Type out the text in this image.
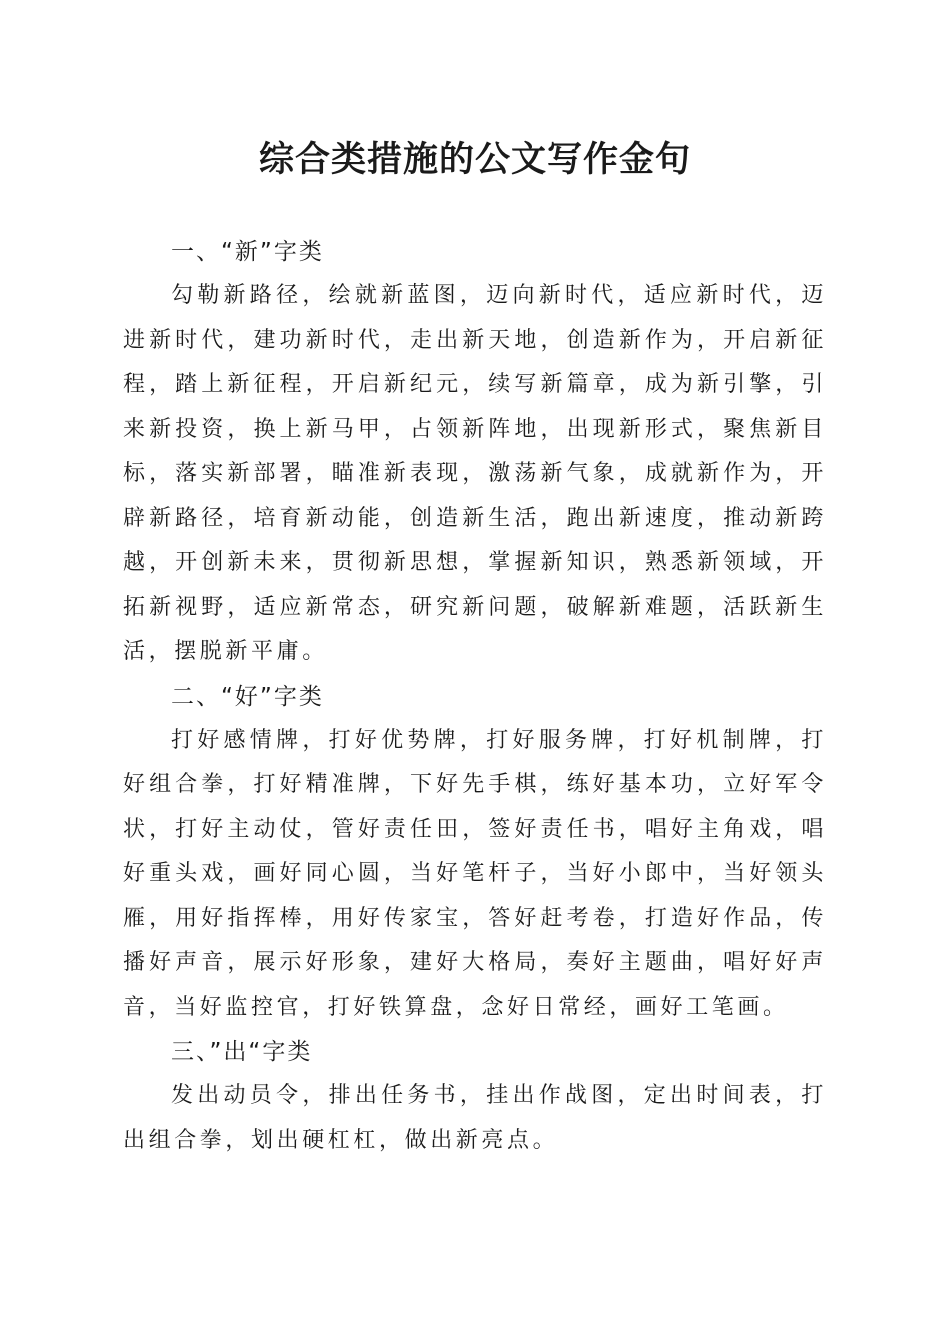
综合类措施的公文写作金句
一、“新”字类

勾勒新路径，绘就新蓝图，迈向新时代，适应新时代，迈进新时代，建功新时代，走出新天地，创造新作为，开启新征程，踏上新征程，开启新纪元，续写新篇章，成为新引擎，引来新投资，换上新马甲，占领新阵地，出现新形式，聚焦新目标，落实新部署，瞄准新表现，激荡新气象，成就新作为，开辟新路径，培育新动能，创造新生活，跑出新速度，推动新跨越，开创新未来，贯彻新思想，掌握新知识，熟悉新领域，开拓新视野，适应新常态，研究新问题，破解新难题，活跃新生活，摆脱新平庸。

二、“好”字类

打好感情牌，打好优势牌，打好服务牌，打好机制牌，打好组合拳，打好精准牌，下好先手棋，练好基本功，立好军令状，打好主动仗，管好责任田，签好责任书，唱好主角戏，唱好重头戏，画好同心圆，当好笔杆子，当好小郎中，当好领头雁，用好指挥棒，用好传家宝，答好赶考卷，打造好作品，传播好声音，展示好形象，建好大格局，奏好主题曲，唱好好声音，当好监控官，打好铁算盘，念好日常经，画好工笔画。

三、”出“字类

发出动员令，排出任务书，挂出作战图，定出时间表，打出组合拳，划出硬杠杠，做出新亮点。
